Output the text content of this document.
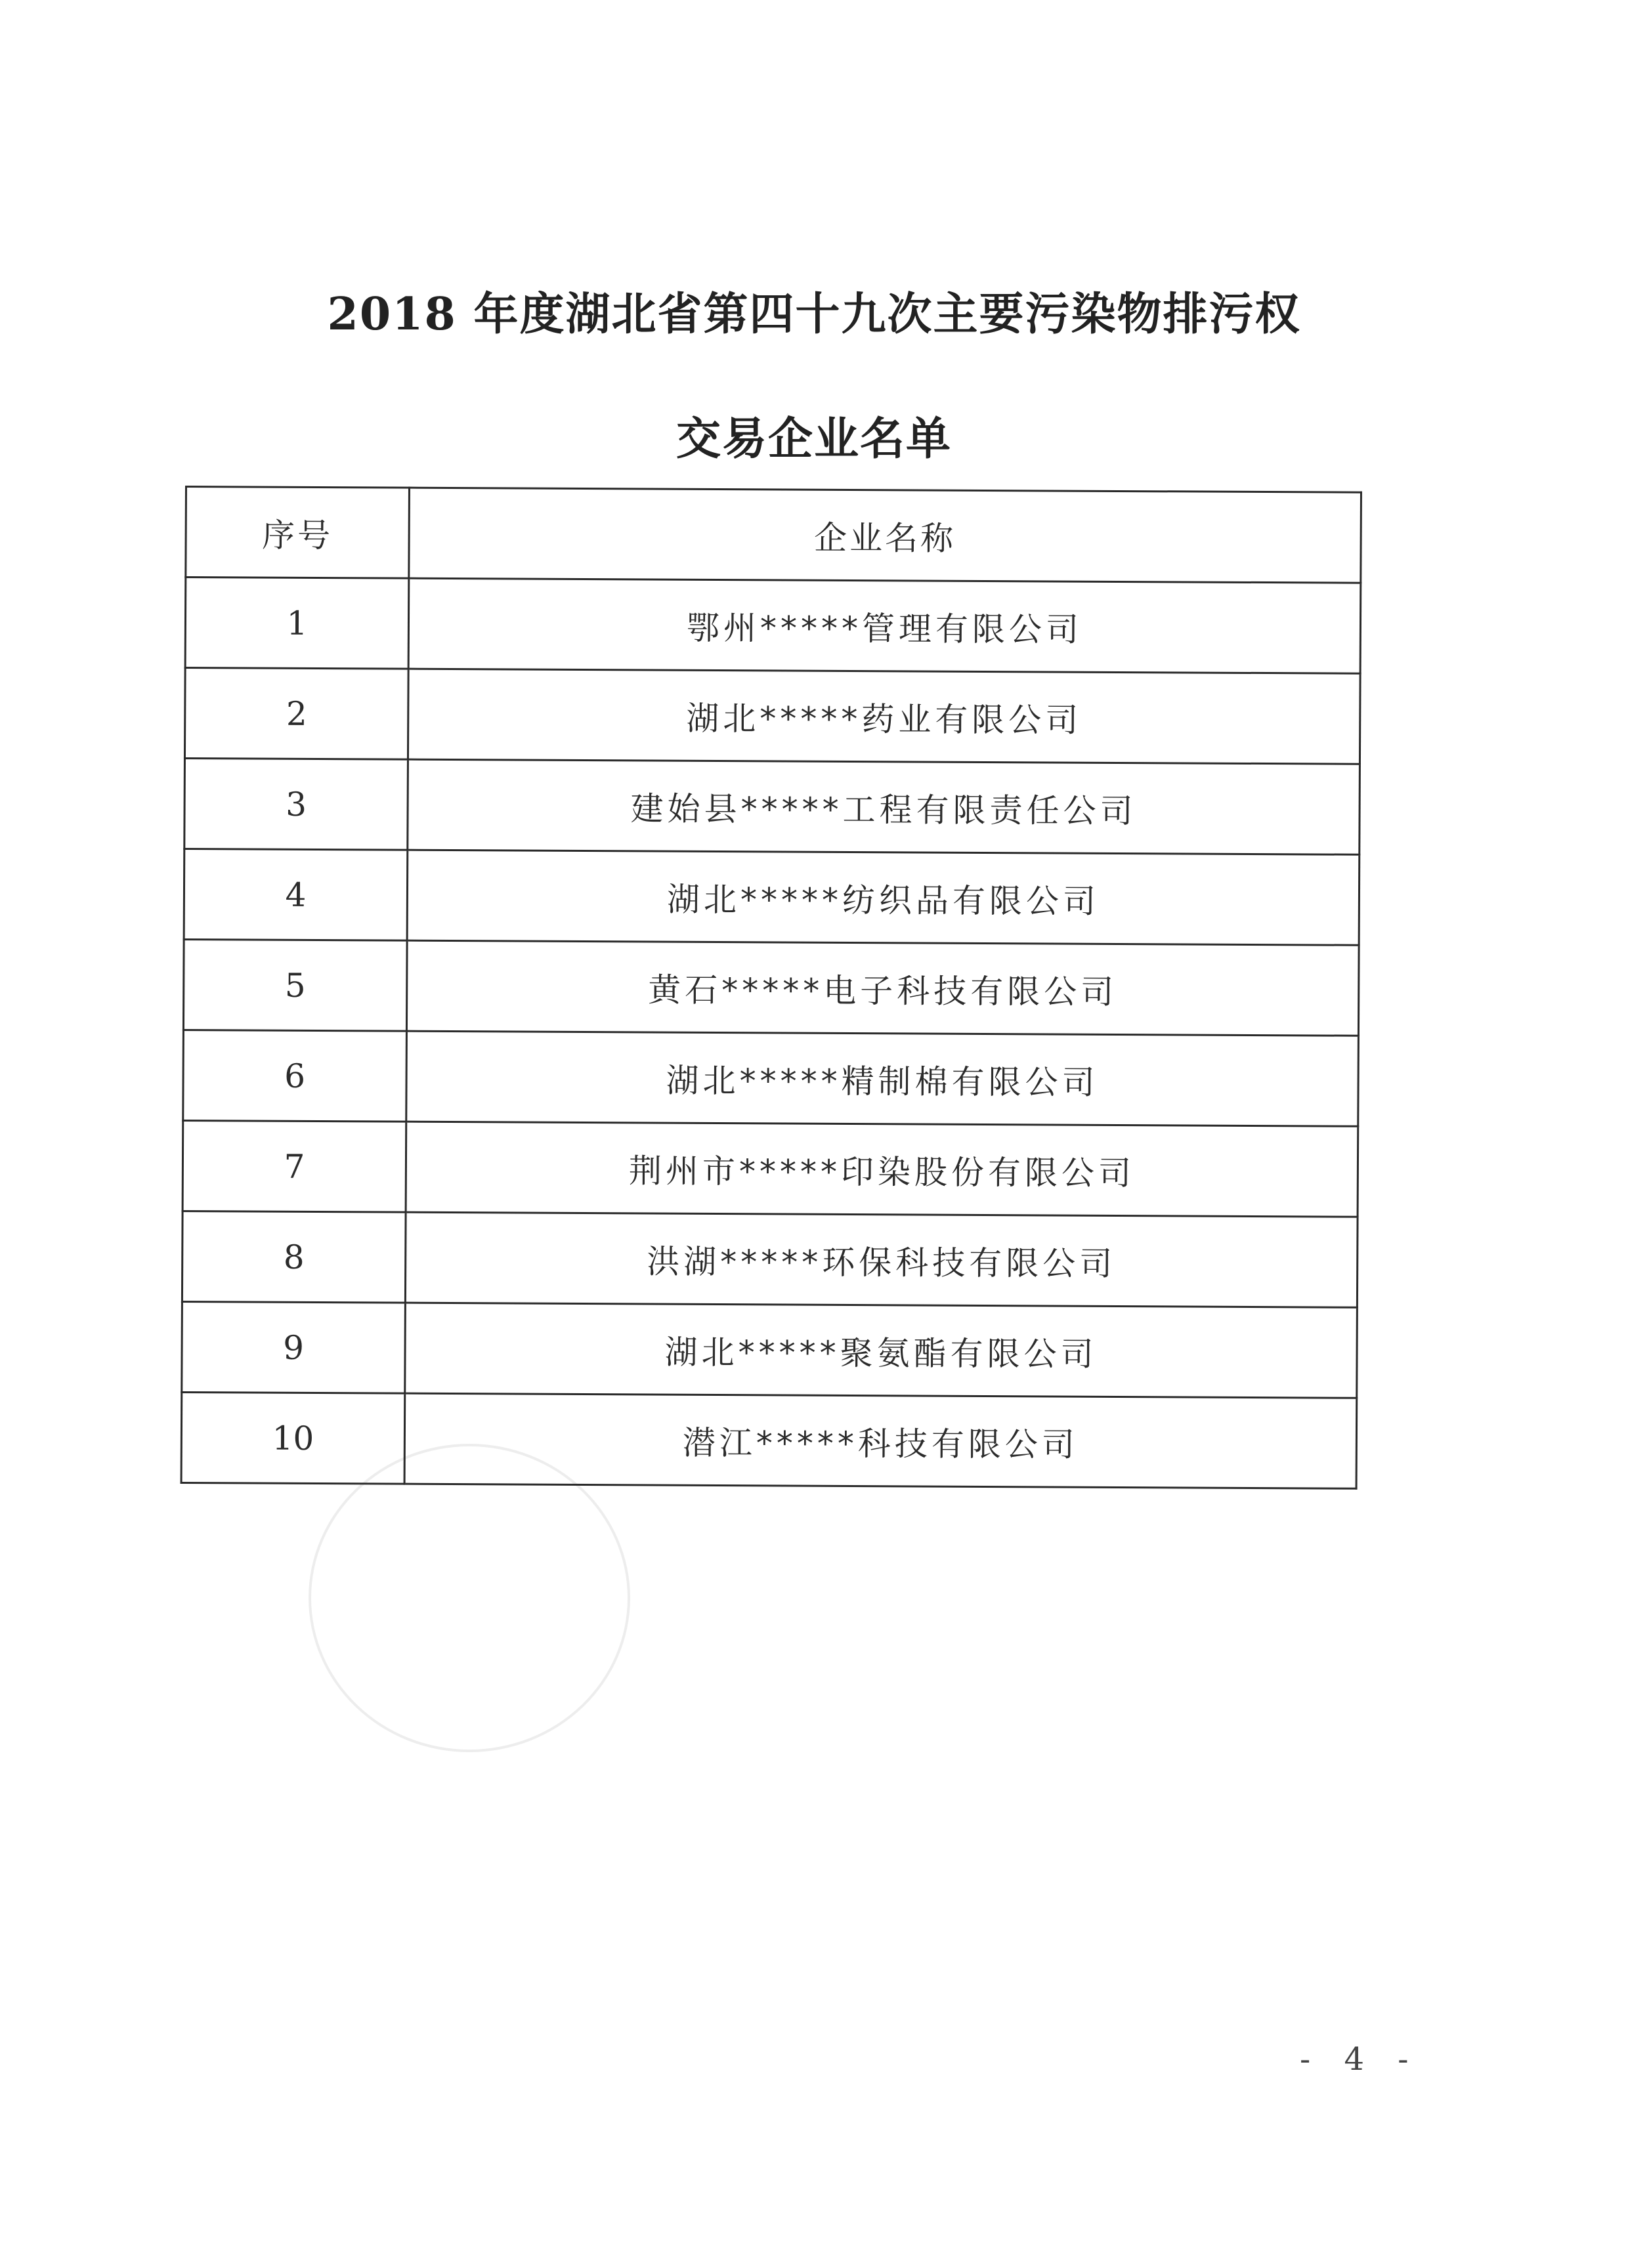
2018 年度湖北省第四十九次主要污染物排污权
交易企业名单
序号	企业名称
1	鄂州*****管理有限公司
2	湖北*****药业有限公司
3	建始县*****工程有限责任公司
4	湖北*****纺织品有限公司
5	黄石*****电子科技有限公司
6	湖北*****精制棉有限公司
7	荆州市*****印染股份有限公司
8	洪湖*****环保科技有限公司
9	湖北*****聚氨酯有限公司
10	潜江*****科技有限公司
- 4 -
